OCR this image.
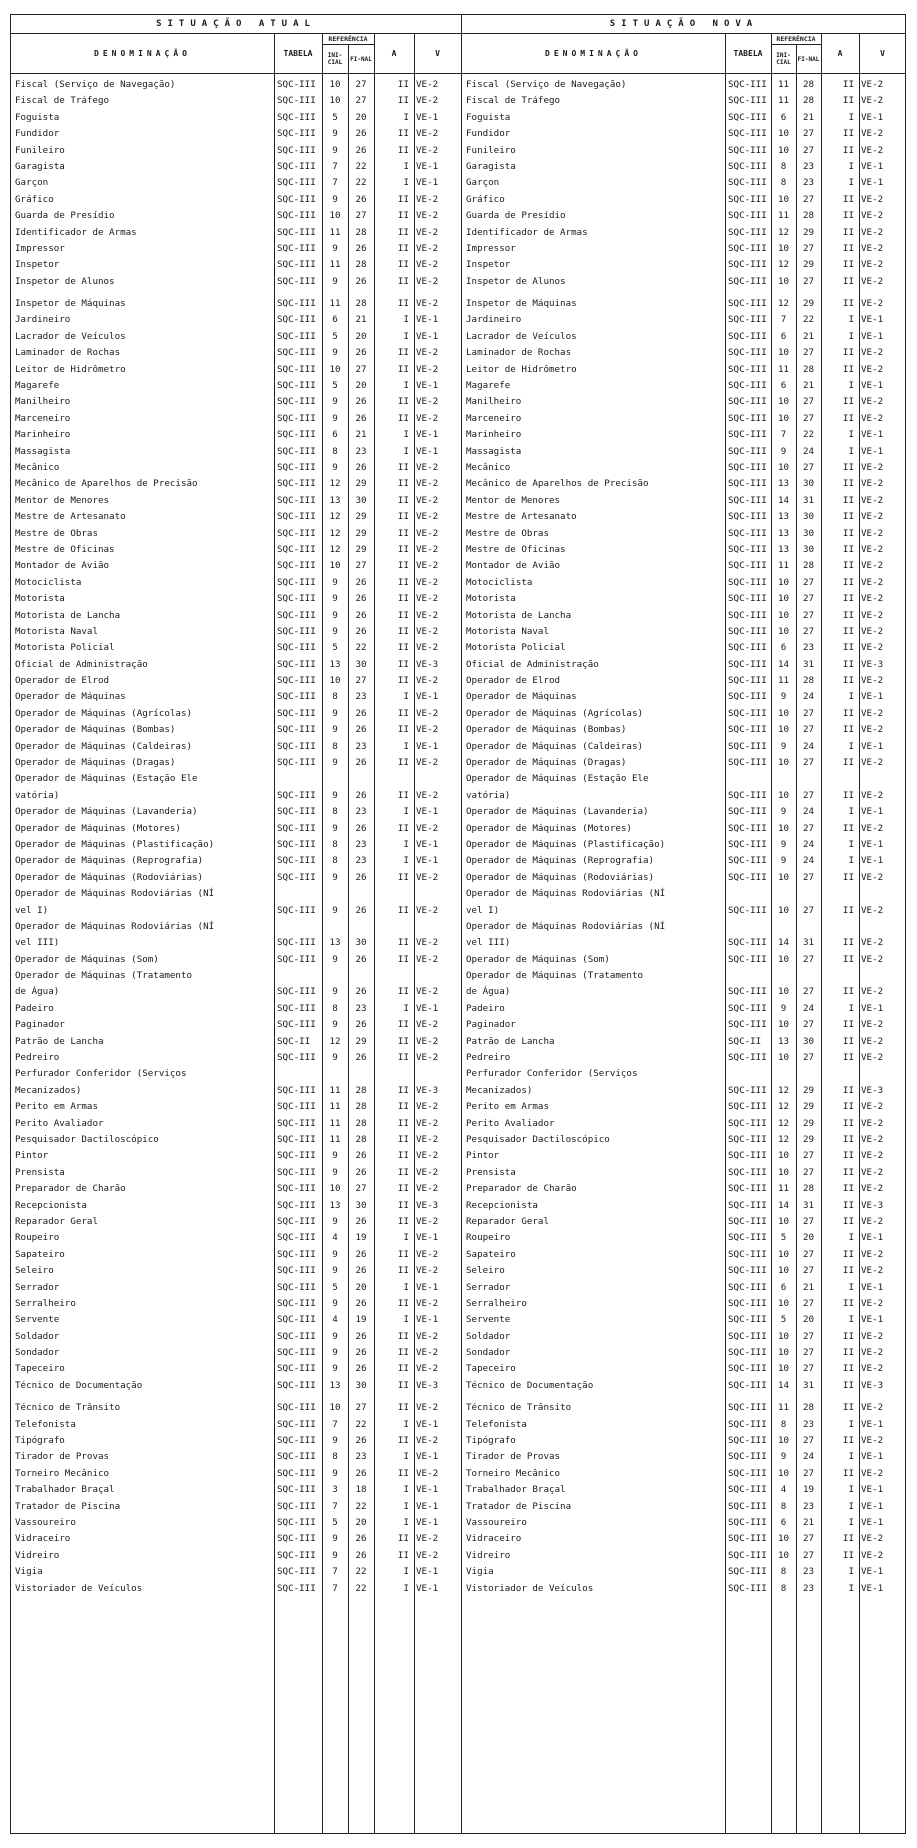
SITUAÇÃO ATUAL
DENOMINAÇÃO	TABELA
REFERÊNCIA
INI-CIAL	FI-NAL
A	V
Fiscal (Serviço de Navegação)	SQC-III	10	27	II VE-2
Fiscal de Tráfego	SQC-III	10	27	II VE-2
Foguista	SQC-III	5	20	I VE-1
Fundidor	SQC-III	9	26	II VE-2
Funileiro	SQC-III	9	26	II VE-2
Garagista	SQC-III	7	22	I VE-1
Garçon	SQC-III	7	22	I VE-1
Gráfico	SQC-III	9	26	II VE-2
Guarda de Presídio	SQC-III	10	27	II VE-2
Identificador de Armas	SQC-III	11	28	II VE-2
Impressor	SQC-III	9	26	II VE-2
Inspetor	SQC-III	11	28	II VE-2
Inspetor de Alunos	SQC-III	9	26	II VE-2
Inspetor de Máquinas	SQC-III	11	28	II VE-2
Jardineiro	SQC-III	6	21	I VE-1
Lacrador de Veículos	SQC-III	5	20	I VE-1
Laminador de Rochas	SQC-III	9	26	II VE-2
Leitor de Hidrômetro	SQC-III	10	27	II VE-2
Magarefe	SQC-III	5	20	I VE-1
Manilheiro	SQC-III	9	26	II VE-2
Marceneiro	SQC-III	9	26	II VE-2
Marinheiro	SQC-III	6	21	I VE-1
Massagista	SQC-III	8	23	I VE-1
Mecânico	SQC-III	9	26	II VE-2
Mecânico de Aparelhos de Precisão	SQC-III	12	29	II VE-2
Mentor de Menores	SQC-III	13	30	II VE-2
Mestre de Artesanato	SQC-III	12	29	II VE-2
Mestre de Obras	SQC-III	12	29	II VE-2
Mestre de Oficinas	SQC-III	12	29	II VE-2
Montador de Avião	SQC-III	10	27	II VE-2
Motociclista	SQC-III	9	26	II VE-2
Motorista	SQC-III	9	26	II VE-2
Motorista de Lancha	SQC-III	9	26	II VE-2
Motorista Naval	SQC-III	9	26	II VE-2
Motorista Policial	SQC-III	5	22	II VE-2
Oficial de Administração	SQC-III	13	30	II VE-3
Operador de Elrod	SQC-III	10	27	II VE-2
Operador de Máquinas	SQC-III	8	23	I VE-1
Operador de Máquinas (Agrícolas)	SQC-III	9	26	II VE-2
Operador de Máquinas (Bombas)	SQC-III	9	26	II VE-2
Operador de Máquinas (Caldeiras)	SQC-III	8	23	I VE-1
Operador de Máquinas (Dragas)	SQC-III	9	26	II VE-2
Operador de Máquinas (Estação Ele
vatória)	SQC-III	9	26	II VE-2
Operador de Máquinas (Lavanderia)	SQC-III	8	23	I VE-1
Operador de Máquinas (Motores)	SQC-III	9	26	II VE-2
Operador de Máquinas (Plastificação)	SQC-III	8	23	I VE-1
Operador de Máquinas (Reprografia)	SQC-III	8	23	I VE-1
Operador de Máquinas (Rodoviárias)	SQC-III	9	26	II VE-2
Operador de Máquinas Rodoviárias (NÍ
vel I)	SQC-III	9	26	II VE-2
Operador de Máquinas Rodoviárias (NÍ
vel III)	SQC-III	13	30	II VE-2
Operador de Máquinas (Som)	SQC-III	9	26	II VE-2
Operador de Máquinas (Tratamento
de Água)	SQC-III	9	26	II VE-2
Padeiro	SQC-III	8	23	I VE-1
Paginador	SQC-III	9	26	II VE-2
Patrão de Lancha	SQC-II	12	29	II VE-2
Pedreiro	SQC-III	9	26	II VE-2
Perfurador Conferidor (Serviços
Mecanizados)	SQC-III	11	28	II VE-3
Perito em Armas	SQC-III	11	28	II VE-2
Perito Avaliador	SQC-III	11	28	II VE-2
Pesquisador Dactiloscópico	SQC-III	11	28	II VE-2
Pintor	SQC-III	9	26	II VE-2
Prensista	SQC-III	9	26	II VE-2
Preparador de Charão	SQC-III	10	27	II VE-2
Recepcionista	SQC-III	13	30	II VE-3
Reparador Geral	SQC-III	9	26	II VE-2
Roupeiro	SQC-III	4	19	I VE-1
Sapateiro	SQC-III	9	26	II VE-2
Seleiro	SQC-III	9	26	II VE-2
Serrador	SQC-III	5	20	I VE-1
Serralheiro	SQC-III	9	26	II VE-2
Servente	SQC-III	4	19	I VE-1
Soldador	SQC-III	9	26	II VE-2
Sondador	SQC-III	9	26	II VE-2
Tapeceiro	SQC-III	9	26	II VE-2
Técnico de Documentação	SQC-III	13	30	II VE-3
Técnico de Trânsito	SQC-III	10	27	II VE-2
Telefonista	SQC-III	7	22	I VE-1
Tipógrafo	SQC-III	9	26	II VE-2
Tirador de Provas	SQC-III	8	23	I VE-1
Torneiro Mecânico	SQC-III	9	26	II VE-2
Trabalhador Braçal	SQC-III	3	18	I VE-1
Tratador de Piscina	SQC-III	7	22	I VE-1
Vassoureiro	SQC-III	5	20	I VE-1
Vidraceiro	SQC-III	9	26	II VE-2
Vidreiro	SQC-III	9	26	II VE-2
Vigia	SQC-III	7	22	I VE-1
Vistoriador de Veículos	SQC-III	7	22	I VE-1
SITUAÇÃO NOVA
DENOMINAÇÃO	TABELA
REFERÊNCIA
INI-CIAL	FI-NAL
A	V
Fiscal (Serviço de Navegação)	SQC-III	11	28	II VE-2
Fiscal de Tráfego	SQC-III	11	28	II VE-2
Foguista	SQC-III	6	21	I VE-1
Fundidor	SQC-III	10	27	II VE-2
Funileiro	SQC-III	10	27	II VE-2
Garagista	SQC-III	8	23	I VE-1
Garçon	SQC-III	8	23	I VE-1
Gráfico	SQC-III	10	27	II VE-2
Guarda de Presídio	SQC-III	11	28	II VE-2
Identificador de Armas	SQC-III	12	29	II VE-2
Impressor	SQC-III	10	27	II VE-2
Inspetor	SQC-III	12	29	II VE-2
Inspetor de Alunos	SQC-III	10	27	II VE-2
Inspetor de Máquinas	SQC-III	12	29	II VE-2
Jardineiro	SQC-III	7	22	I VE-1
Lacrador de Veículos	SQC-III	6	21	I VE-1
Laminador de Rochas	SQC-III	10	27	II VE-2
Leitor de Hidrômetro	SQC-III	11	28	II VE-2
Magarefe	SQC-III	6	21	I VE-1
Manilheiro	SQC-III	10	27	II VE-2
Marceneiro	SQC-III	10	27	II VE-2
Marinheiro	SQC-III	7	22	I VE-1
Massagista	SQC-III	9	24	I VE-1
Mecânico	SQC-III	10	27	II VE-2
Mecânico de Aparelhos de Precisão	SQC-III	13	30	II VE-2
Mentor de Menores	SQC-III	14	31	II VE-2
Mestre de Artesanato	SQC-III	13	30	II VE-2
Mestre de Obras	SQC-III	13	30	II VE-2
Mestre de Oficinas	SQC-III	13	30	II VE-2
Montador de Avião	SQC-III	11	28	II VE-2
Motociclista	SQC-III	10	27	II VE-2
Motorista	SQC-III	10	27	II VE-2
Motorista de Lancha	SQC-III	10	27	II VE-2
Motorista Naval	SQC-III	10	27	II VE-2
Motorista Policial	SQC-III	6	23	II VE-2
Oficial de Administração	SQC-III	14	31	II VE-3
Operador de Elrod	SQC-III	11	28	II VE-2
Operador de Máquinas	SQC-III	9	24	I VE-1
Operador de Máquinas (Agrícolas)	SQC-III	10	27	II VE-2
Operador de Máquinas (Bombas)	SQC-III	10	27	II VE-2
Operador de Máquinas (Caldeiras)	SQC-III	9	24	I VE-1
Operador de Máquinas (Dragas)	SQC-III	10	27	II VE-2
Operador de Máquinas (Estação Ele
vatória)	SQC-III	10	27	II VE-2
Operador de Máquinas (Lavanderia)	SQC-III	9	24	I VE-1
Operador de Máquinas (Motores)	SQC-III	10	27	II VE-2
Operador de Máquinas (Plastificação)	SQC-III	9	24	I VE-1
Operador de Máquinas (Reprografia)	SQC-III	9	24	I VE-1
Operador de Máquinas (Rodoviárias)	SQC-III	10	27	II VE-2
Operador de Máquinas Rodoviárias (NÍ
vel I)	SQC-III	10	27	II VE-2
Operador de Máquinas Rodoviárias (NÍ
vel III)	SQC-III	14	31	II VE-2
Operador de Máquinas (Som)	SQC-III	10	27	II VE-2
Operador de Máquinas (Tratamento
de Água)	SQC-III	10	27	II VE-2
Padeiro	SQC-III	9	24	I VE-1
Paginador	SQC-III	10	27	II VE-2
Patrão de Lancha	SQC-II	13	30	II VE-2
Pedreiro	SQC-III	10	27	II VE-2
Perfurador Conferidor (Serviços
Mecanizados)	SQC-III	12	29	II VE-3
Perito em Armas	SQC-III	12	29	II VE-2
Perito Avaliador	SQC-III	12	29	II VE-2
Pesquisador Dactiloscópico	SQC-III	12	29	II VE-2
Pintor	SQC-III	10	27	II VE-2
Prensista	SQC-III	10	27	II VE-2
Preparador de Charão	SQC-III	11	28	II VE-2
Recepcionista	SQC-III	14	31	II VE-3
Reparador Geral	SQC-III	10	27	II VE-2
Roupeiro	SQC-III	5	20	I VE-1
Sapateiro	SQC-III	10	27	II VE-2
Seleiro	SQC-III	10	27	II VE-2
Serrador	SQC-III	6	21	I VE-1
Serralheiro	SQC-III	10	27	II VE-2
Servente	SQC-III	5	20	I VE-1
Soldador	SQC-III	10	27	II VE-2
Sondador	SQC-III	10	27	II VE-2
Tapeceiro	SQC-III	10	27	II VE-2
Técnico de Documentação	SQC-III	14	31	II VE-3
Técnico de Trânsito	SQC-III	11	28	II VE-2
Telefonista	SQC-III	8	23	I VE-1
Tipógrafo	SQC-III	10	27	II VE-2
Tirador de Provas	SQC-III	9	24	I VE-1
Torneiro Mecânico	SQC-III	10	27	II VE-2
Trabalhador Braçal	SQC-III	4	19	I VE-1
Tratador de Piscina	SQC-III	8	23	I VE-1
Vassoureiro	SQC-III	6	21	I VE-1
Vidraceiro	SQC-III	10	27	II VE-2
Vidreiro	SQC-III	10	27	II VE-2
Vigia	SQC-III	8	23	I VE-1
Vistoriador de Veículos	SQC-III	8	23	I VE-1
